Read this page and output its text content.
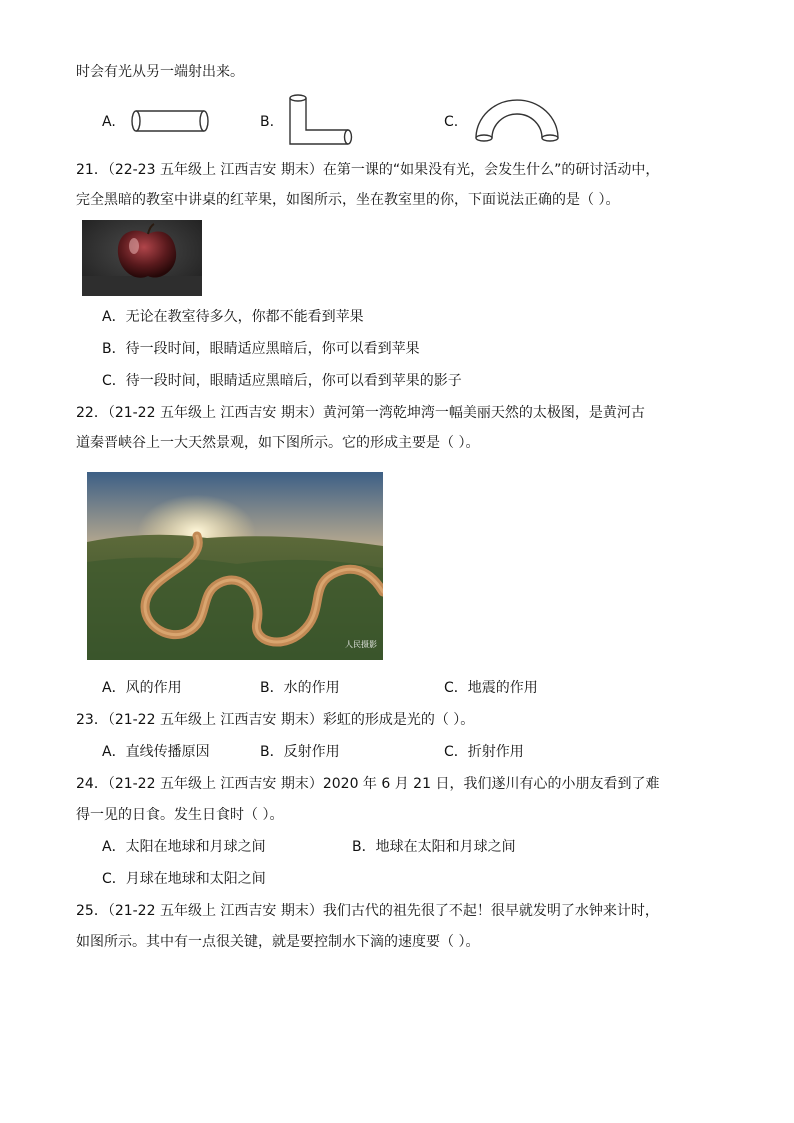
时会有光从另一端射出来。
A.	B.	C.
21．（22-23 五年级上 江西吉安 期末）在第一课的“如果没有光，会发生什么”的研讨活动中，
完全黑暗的教室中讲桌的红苹果，如图所示，坐在教室里的你，下面说法正确的是（ ）。
A．无论在教室待多久，你都不能看到苹果
B．待一段时间，眼睛适应黑暗后，你可以看到苹果
C．待一段时间，眼睛适应黑暗后，你可以看到苹果的影子
22．（21-22 五年级上 江西吉安 期末）黄河第一湾乾坤湾一幅美丽天然的太极图，是黄河古
道秦晋峡谷上一大天然景观，如下图所示。它的形成主要是（ ）。
人民摄影
A．风的作用	B．水的作用	C．地震的作用
23．（21-22 五年级上 江西吉安 期末）彩虹的形成是光的（ ）。
A．直线传播原因	B．反射作用	C．折射作用
24．（21-22 五年级上 江西吉安 期末）2020 年 6 月 21 日，我们遂川有心的小朋友看到了难
得一见的日食。发生日食时（ ）。
A．太阳在地球和月球之间	B．地球在太阳和月球之间
C．月球在地球和太阳之间
25．（21-22 五年级上 江西吉安 期末）我们古代的祖先很了不起！很早就发明了水钟来计时，
如图所示。其中有一点很关键，就是要控制水下滴的速度要（ ）。
